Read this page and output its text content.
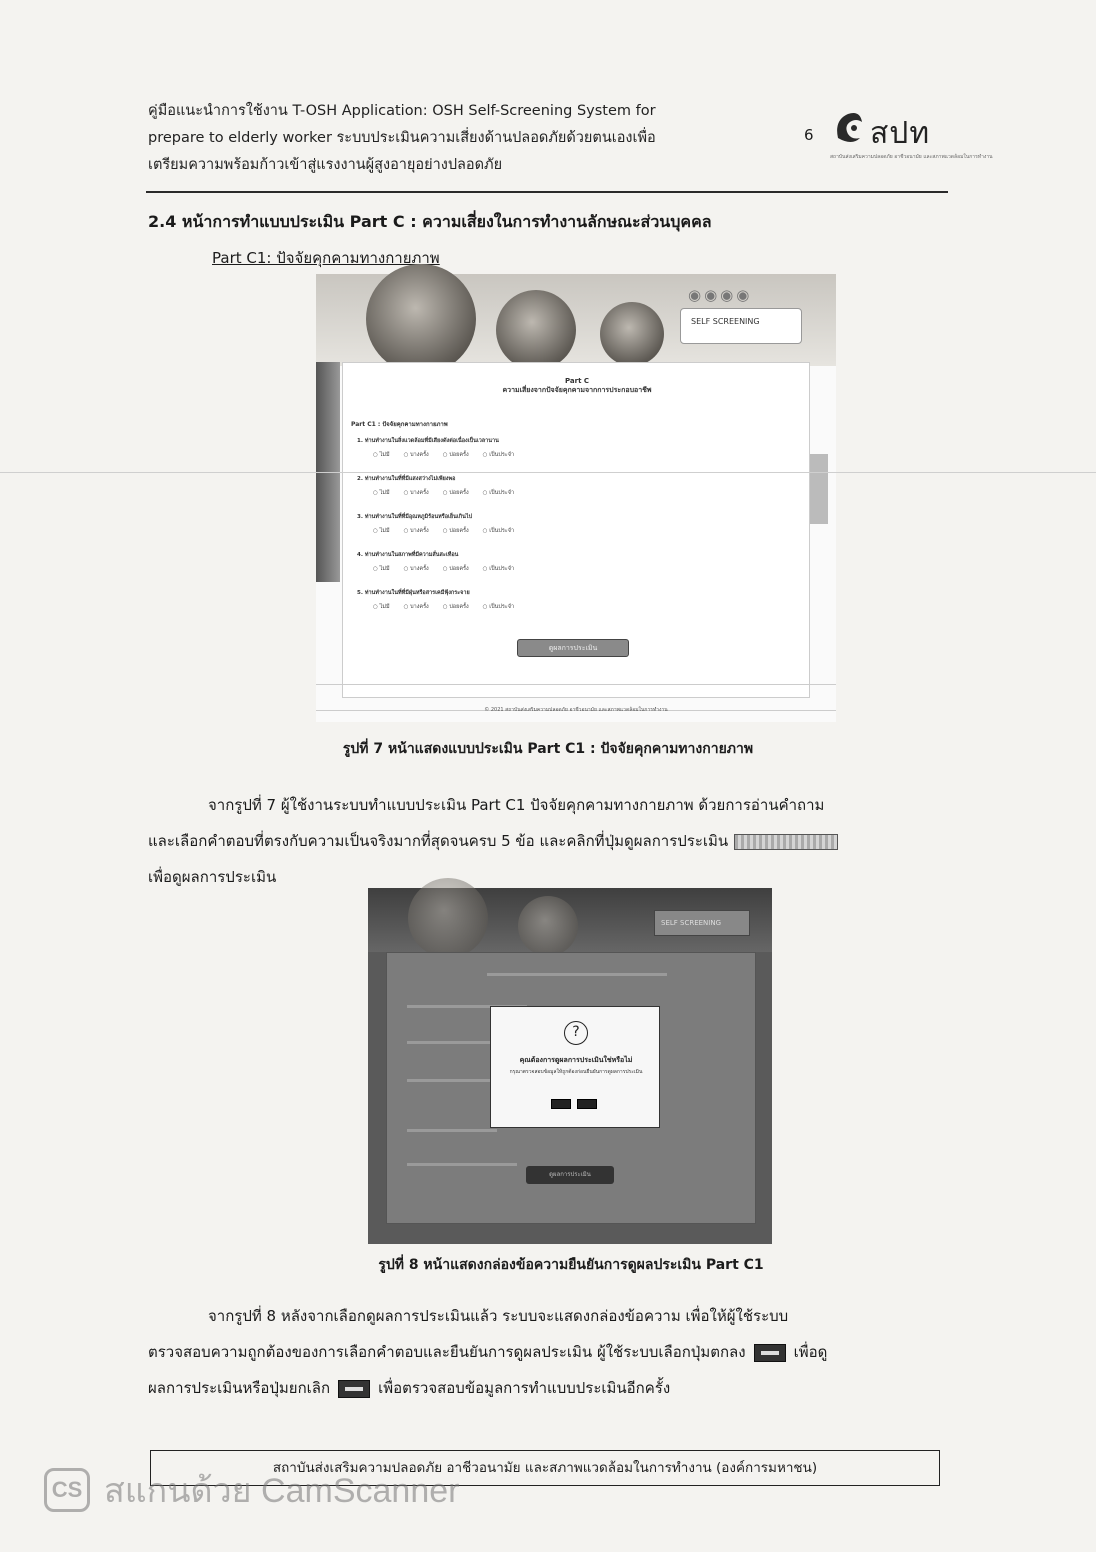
คู่มือแนะนำการใช้งาน T-OSH Application: OSH Self-Screening System for
prepare to elderly worker ระบบประเมินความเสี่ยงด้านปลอดภัยด้วยตนเองเพื่อ
เตรียมความพร้อมก้าวเข้าสู่แรงงานผู้สูงอายุอย่างปลอดภัย
6 สปท
สถาบันส่งเสริมความปลอดภัย อาชีวอนามัย และสภาพแวดล้อมในการทำงาน
2.4 หน้าการทำแบบประเมิน Part C : ความเสี่ยงในการทำงานลักษณะส่วนบุคคล
Part C1: ปัจจัยคุกคามทางกายภาพ
◉◉◉◉
SELF SCREENING
Part C
ความเสี่ยงจากปัจจัยคุกคามจากการประกอบอาชีพ
Part C1 : ปัจจัยคุกคามทางกายภาพ
1. ท่านทำงานในสิ่งแวดล้อมที่มีเสียงดังต่อเนื่องเป็นเวลานาน
○ ไม่มี	○ บางครั้ง	○ บ่อยครั้ง	○ เป็นประจำ
2. ท่านทำงานในที่ที่มีแสงสว่างไม่เพียงพอ
○ ไม่มี	○ บางครั้ง	○ บ่อยครั้ง	○ เป็นประจำ
3. ท่านทำงานในที่ที่มีอุณหภูมิร้อนหรือเย็นเกินไป
○ ไม่มี	○ บางครั้ง	○ บ่อยครั้ง	○ เป็นประจำ
4. ท่านทำงานในสภาพที่มีความสั่นสะเทือน
○ ไม่มี	○ บางครั้ง	○ บ่อยครั้ง	○ เป็นประจำ
5. ท่านทำงานในที่ที่มีฝุ่นหรือสารเคมีฟุ้งกระจาย
○ ไม่มี	○ บางครั้ง	○ บ่อยครั้ง	○ เป็นประจำ
ดูผลการประเมิน
© 2021 สถาบันส่งเสริมความปลอดภัย อาชีวอนามัย และสภาพแวดล้อมในการทำงาน
รูปที่ 7 หน้าแสดงแบบประเมิน Part C1 : ปัจจัยคุกคามทางกายภาพ
จากรูปที่ 7 ผู้ใช้งานระบบทำแบบประเมิน Part C1 ปัจจัยคุกคามทางกายภาพ ด้วยการอ่านคำถาม
และเลือกคำตอบที่ตรงกับความเป็นจริงมากที่สุดจนครบ 5 ข้อ และคลิกที่ปุ่มดูผลการประเมิน
เพื่อดูผลการประเมิน
SELF SCREENING
ดูผลการประเมิน
?
คุณต้องการดูผลการประเมินใช่หรือไม่
กรุณาตรวจสอบข้อมูลให้ถูกต้องก่อนยืนยันการดูผลการประเมิน
รูปที่ 8 หน้าแสดงกล่องข้อความยืนยันการดูผลประเมิน Part C1
จากรูปที่ 8 หลังจากเลือกดูผลการประเมินแล้ว ระบบจะแสดงกล่องข้อความ เพื่อให้ผู้ใช้ระบบ
ตรวจสอบความถูกต้องของการเลือกคำตอบและยืนยันการดูผลประเมิน ผู้ใช้ระบบเลือกปุ่มตกลง	เพื่อดู
ผลการประเมินหรือปุ่มยกเลิก	เพื่อตรวจสอบข้อมูลการทำแบบประเมินอีกครั้ง
สถาบันส่งเสริมความปลอดภัย อาชีวอนามัย และสภาพแวดล้อมในการทำงาน (องค์การมหาชน)
CS สแกนด้วย CamScanner
